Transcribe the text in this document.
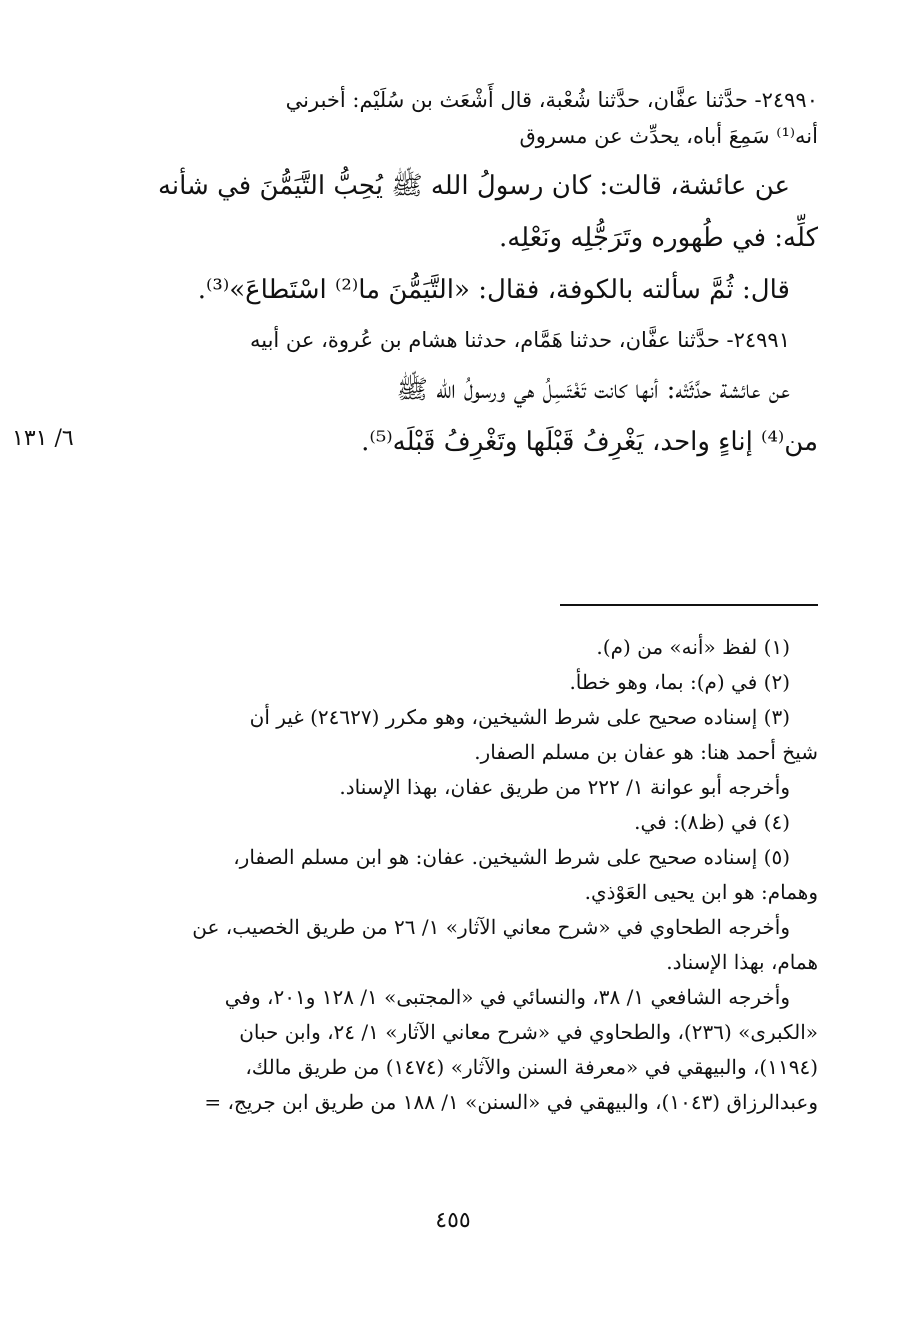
٢٤٩٩٠- حدَّثنا عفَّان، حدَّثنا شُعْبة، قال أَشْعَث بن سُلَيْم: أخبرني
أنه⁽¹⁾ سَمِعَ أباه، يحدِّث عن مسروق
عن عائشة، قالت: كان رسولُ الله ﷺ يُحِبُّ التَّيَمُّنَ في شأنه
كلِّه: في طُهوره وتَرَجُّلِه ونَعْلِه.
قال: ثُمَّ سألته بالكوفة، فقال: «التَّيَمُّنَ ما⁽²⁾ اسْتَطاعَ»⁽³⁾.
٢٤٩٩١- حدَّثنا عفَّان، حدثنا هَمَّام، حدثنا هشام بن عُروة، عن أبيه
عن عائشة حدَّثَتْه: أنها كانت تَغْتَسِلُ هي ورسولُ الله ﷺ
من⁽⁴⁾ إناءٍ واحد، يَغْرِفُ قَبْلَها وتَغْرِفُ قَبْلَه⁽⁵⁾.
٦/ ١٣١
(١) لفظ «أنه» من (م).
(٢) في (م): بما، وهو خطأ.
(٣) إسناده صحيح على شرط الشيخين، وهو مكرر (٢٤٦٢٧) غير أن
شيخ أحمد هنا: هو عفان بن مسلم الصفار.
وأخرجه أبو عوانة ١/ ٢٢٢ من طريق عفان، بهذا الإسناد.
(٤) في (ظ٨): في.
(٥) إسناده صحيح على شرط الشيخين. عفان: هو ابن مسلم الصفار،
وهمام: هو ابن يحيى العَوْذي.
وأخرجه الطحاوي في «شرح معاني الآثار» ١/ ٢٦ من طريق الخصيب، عن
همام، بهذا الإسناد.
وأخرجه الشافعي ١/ ٣٨، والنسائي في «المجتبى» ١/ ١٢٨ و٢٠١، وفي
«الكبرى» (٢٣٦)، والطحاوي في «شرح معاني الآثار» ١/ ٢٤، وابن حبان
(١١٩٤)، والبيهقي في «معرفة السنن والآثار» (١٤٧٤) من طريق مالك،
وعبدالرزاق (١٠٤٣)، والبيهقي في «السنن» ١/ ١٨٨ من طريق ابن جريج، =
٤٥٥
